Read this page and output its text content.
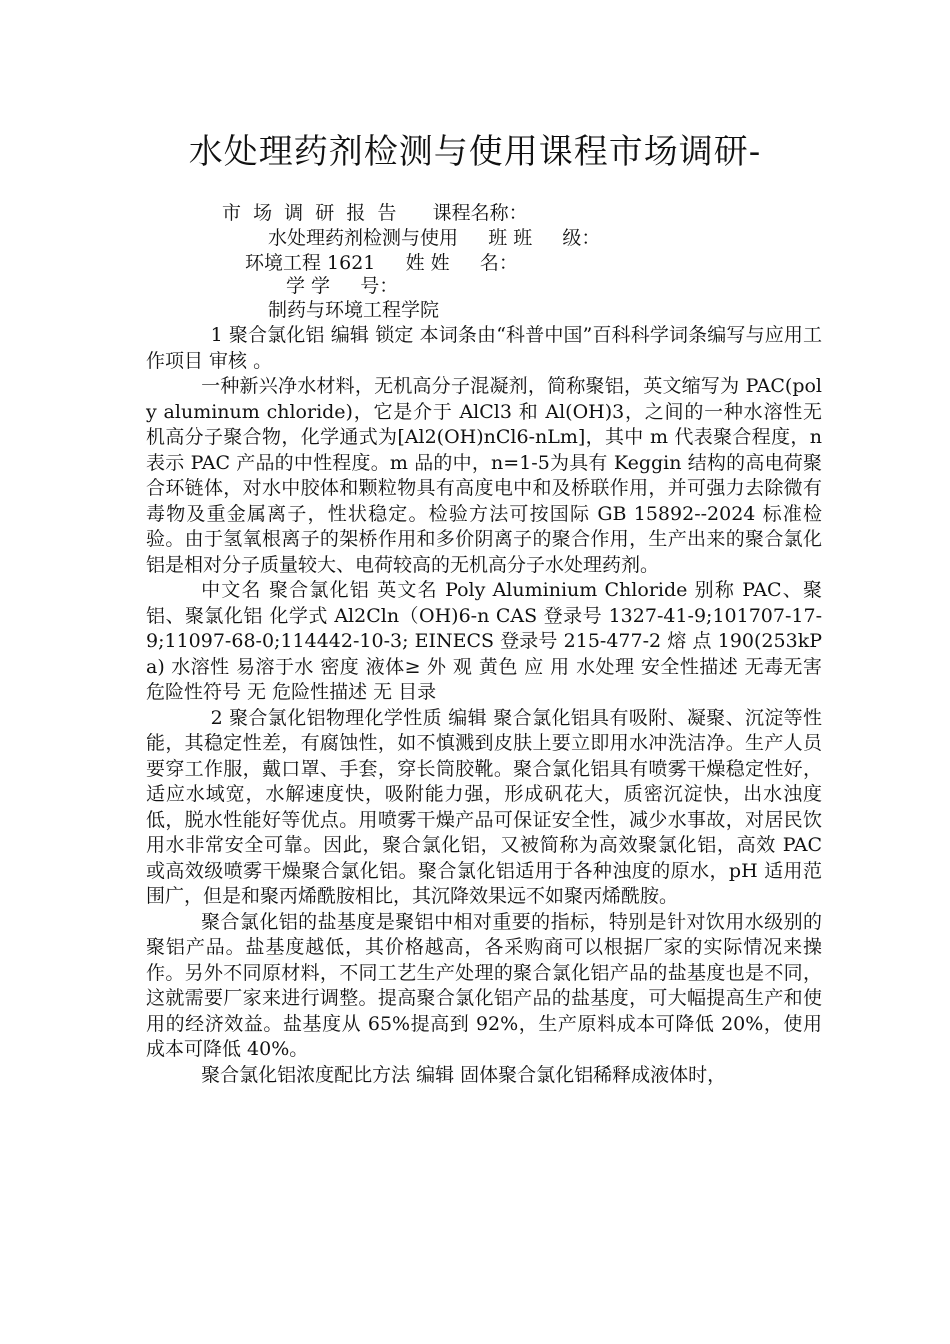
水处理药剂检测与使用课程市场调研-
市  场  调  研  报  告      课程名称：
水处理药剂检测与使用     班 班     级：
环境工程 1621     姓 姓     名：
学 学     号：
制药与环境工程学院

1 聚合氯化铝 编辑 锁定 本词条由“科普中国”百科科学词条编写与应用工作项目 审核 。

一种新兴净水材料，无机高分子混凝剂，简称聚铝，英文缩写为 PAC(poly aluminum chloride)，它是介于 AlCl3 和 Al(OH)3，之间的一种水溶性无机高分子聚合物，化学通式为[Al2(OH)nCl6-nLm]，其中 m 代表聚合程度，n 表示 PAC 产品的中性程度。m 品的中，n=1-5为具有 Keggin 结构的高电荷聚合环链体，对水中胶体和颗粒物具有高度电中和及桥联作用，并可强力去除微有毒物及重金属离子，性状稳定。检验方法可按国际 GB 15892--2024 标准检验。由于氢氧根离子的架桥作用和多价阴离子的聚合作用，生产出来的聚合氯化铝是相对分子质量较大、电荷较高的无机高分子水处理药剂。

中文名 聚合氯化铝 英文名 Poly Aluminium Chloride 别称 PAC、聚铝、聚氯化铝 化学式 Al2Cln（OH)6-n CAS 登录号 1327-41-9;101707-17-9;11097-68-0;114442-10-3; EINECS 登录号 215-477-2 熔 点 190(253kPa) 水溶性 易溶于水 密度 液体≥ 外 观 黄色 应 用 水处理 安全性描述 无毒无害 危险性符号 无 危险性描述 无 目录

2 聚合氯化铝物理化学性质 编辑 聚合氯化铝具有吸附、凝聚、沉淀等性能，其稳定性差，有腐蚀性，如不慎溅到皮肤上要立即用水冲洗洁净。生产人员要穿工作服，戴口罩、手套，穿长筒胶靴。聚合氯化铝具有喷雾干燥稳定性好，适应水域宽，水解速度快，吸附能力强，形成矾花大，质密沉淀快，出水浊度低，脱水性能好等优点。用喷雾干燥产品可保证安全性，减少水事故，对居民饮用水非常安全可靠。因此，聚合氯化铝，又被简称为高效聚氯化铝，高效 PAC 或高效级喷雾干燥聚合氯化铝。聚合氯化铝适用于各种浊度的原水，pH 适用范围广，但是和聚丙烯酰胺相比，其沉降效果远不如聚丙烯酰胺。

聚合氯化铝的盐基度是聚铝中相对重要的指标，特别是针对饮用水级别的聚铝产品。盐基度越低，其价格越高，各采购商可以根据厂家的实际情况来操作。另外不同原材料，不同工艺生产处理的聚合氯化铝产品的盐基度也是不同，这就需要厂家来进行调整。提高聚合氯化铝产品的盐基度，可大幅提高生产和使用的经济效益。盐基度从 65%提高到 92%，生产原料成本可降低 20%，使用成本可降低 40%。

聚合氯化铝浓度配比方法 编辑 固体聚合氯化铝稀释成液体时，
